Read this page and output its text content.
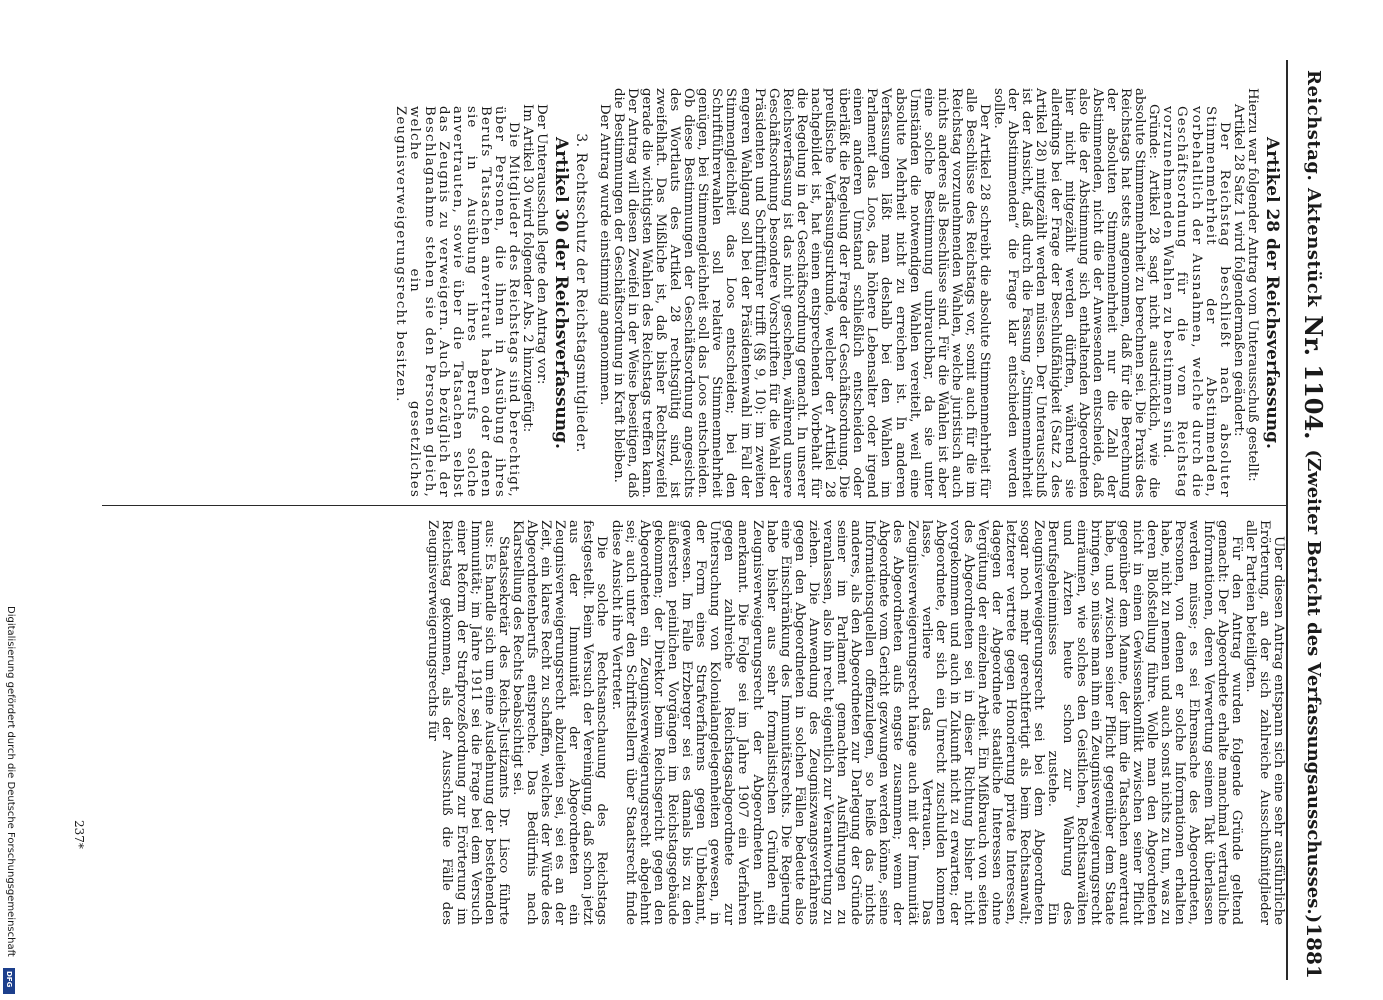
Reichstag. Aktenstück
Nr. 1104.
(Zweiter Bericht des Verfassungsausschusses.)
1881
Artikel 28 der Reichsverfassung.

Hierzu war folgender Antrag vom Unterausschuß gestellt:

Artikel 28 Satz 1 wird folgendermaßen geändert:

Der Reichstag beschließt nach absoluter Stimmenmehrheit der Abstimmenden, vorbehaltlich der Ausnahmen, welche durch die Geschäftsordnung für die vom Reichstag vorzunehmenden Wahlen zu bestimmen sind.

Gründe: Artikel 28 sagt nicht ausdrücklich, wie die absolute Stimmenmehrheit zu berechnen sei. Die Praxis des Reichstags hat stets angenommen, daß für die Berechnung der absoluten Stimmenmehrheit nur die Zahl der Abstimmenden, nicht die der Anwesenden entscheide, daß also die der Abstimmung sich enthaltenden Abgeordneten hier nicht mitgezählt werden dürften, während sie allerdings bei der Frage der Beschlußfähigkeit (Satz 2 des Artikel 28) mitgezählt werden müssen. Der Unterausschuß ist der Ansicht, daß durch die Fassung „Stimmenmehrheit der Abstimmenden“ die Frage klar entschieden werden sollte.

Der Artikel 28 schreibt die absolute Stimmenmehrheit für alle Beschlüsse des Reichstags vor, somit auch für die im Reichstag vorzunehmenden Wahlen, welche juristisch auch nichts anderes als Beschlüsse sind. Für die Wahlen ist aber eine solche Bestimmung unbrauchbar, da sie unter Umständen die notwendigen Wahlen vereitelt, weil eine absolute Mehrheit nicht zu erreichen ist. In anderen Verfassungen läßt man deshalb bei den Wahlen im Parlament das Loos, das höhere Lebensalter oder irgend einen anderen Umstand schließlich entscheiden oder überläßt die Regelung der Frage der Geschäftsordnung. Die preußische Verfassungsurkunde, welcher der Artikel 28 nachgebildet ist, hat einen entsprechenden Vorbehalt für die Regelung in der Geschäftsordnung gemacht. In unserer Reichsverfassung ist das nicht geschehen, während unsere Geschäftsordnung besondere Vorschriften für die Wahl der Präsidenten und Schriftführer trifft (§§ 9, 10): im zweiten engeren Wahlgang soll bei der Präsidentenwahl im Fall der Stimmengleichheit das Loos entscheiden; bei den Schriftführerwahlen soll relative Stimmenmehrheit genügen, bei Stimmengleichheit soll das Loos entscheiden. Ob diese Bestimmungen der Geschäftsordnung angesichts des Wortlauts des Artikel 28 rechtsgültig sind, ist zweifelhaft. Das Mißliche ist, daß bisher Rechtszweifel gerade die wichtigsten Wahlen des Reichstags treffen kann. Der Antrag will diesen Zweifel in der Weise beseitigen, daß die Bestimmungen der Geschäftsordnung in Kraft bleiben.

Der Antrag wurde einstimmig angenommen.

3. Rechtsschutz der Reichstagsmitglieder.
Artikel 30 der Reichsverfassung.

Der Unterausschuß legte den Antrag vor:

Im Artikel 30 wird folgender Abs. 2 hinzugefügt:

Die Mitglieder des Reichstags sind berechtigt, über Personen, die ihnen in Ausübung ihres Berufs Tatsachen anvertraut haben oder denen sie in Ausübung ihres Berufs solche anvertrauten, sowie über die Tatsachen selbst das Zeugnis zu verweigern. Auch bezüglich der Beschlagnahme stehen sie den Personen gleich, welche ein gesetzliches Zeugnisverweigerungsrecht besitzen.

Über diesen Antrag entspann sich eine sehr ausführliche Erörterung, an der sich zahlreiche Ausschußmitglieder aller Parteien beteiligten.

Für den Antrag wurden folgende Gründe geltend gemacht: Der Abgeordnete erhalte manchmal vertrauliche Informationen, deren Verwertung seinem Takt überlassen werden müsse; es sei Ehrensache des Abgeordneten, Personen, von denen er solche Informationen erhalten habe, nicht zu nennen und auch sonst nichts zu tun, was zu deren Bloßstellung führe. Wolle man den Abgeordneten nicht in einen Gewissenskonflikt zwischen seiner Pflicht gegenüber dem Manne, der ihm die Tatsachen anvertraut habe, und zwischen seiner Pflicht gegenüber dem Staate bringen, so müsse man ihm ein Zeugnisverweigerungsrecht einräumen, wie solches den Geistlichen, Rechtsanwälten und Ärzten heute schon zur Wahrung des Berufsgeheimnisses zustehe. Ein Zeugnisverweigerungsrecht sei bei dem Abgeordneten sogar noch mehr gerechtfertigt als beim Rechtsanwalt; letzterer vertrete gegen Honorierung private Interessen, dagegen der Abgeordnete staatliche Interessen ohne Vergütung der einzelnen Arbeit. Ein Mißbrauch von seiten des Abgeordneten sei in dieser Richtung bisher nicht vorgekommen und auch in Zukunft nicht zu erwarten; der Abgeordnete, der sich ein Unrecht zuschulden kommen lasse, verliere das Vertrauen. Das Zeugnisverweigerungsrecht hänge auch mit der Immunität des Abgeordneten aufs engste zusammen; wenn der Abgeordnete vom Gericht gezwungen werden könne, seine Informationsquellen offenzulegen, so heiße das nichts anderes, als den Abgeordneten zur Darlegung der Gründe seiner im Parlament gemachten Ausführungen zu veranlassen, also ihn recht eigentlich zur Verantwortung zu ziehen. Die Anwendung des Zeugniszwangsverfahrens gegen den Abgeordneten in solchen Fällen bedeute also eine Einschränkung des Immunitätsrechts. Die Regierung habe bisher aus sehr formalistischen Gründen ein Zeugnisverweigerungsrecht der Abgeordneten nicht anerkannt. Die Folge sei im Jahre 1907 ein Verfahren gegen zahlreiche Reichstagsabgeordnete zur Untersuchung von Kolonialangelegenheiten gewesen, in der Form eines Strafverfahrens gegen Unbekannt, gewesen. Im Falle Erzberger sei es damals bis zu den äußersten peinlichen Vorgängen im Reichstagsgebäude gekommen; der Direktor beim Reichsgericht gegen den Abgeordneten ein Zeugnisverweigerungsrecht abgelehnt sei; auch unter den Schriftstellern über Staatsrecht finde diese Ansicht ihre Vertreter.

Die solche Rechtsanschauung des Reichstags festgestellt. Beim Versuch der Vereinigung, daß schon jetzt aus der Immunität der Abgeordneten ein Zeugnisverweigerungsrecht abzuleiten sei, sei es an der Zeit, ein klares Recht zu schaffen, welches der Würde des Abgeordnetenberufs entspreche. Das Bedürfnis nach Klarstellung des Rechts beabsichtigt sei.

Staatssekretär des Reichs-Justizamts Dr. Lisco führte aus: Es handle sich um eine Ausdehnung der bestehenden Immunität; im Jahre 1911 sei die Frage bei dem Versuch einer Reform der Strafprozeßordnung zur Erörterung im Reichstag gekommen, als der Ausschuß die Fälle des Zeugnisverweigerungsrechts für

237*
Digitalisierung gefördert durch die Deutsche Forschungsgemeinschaft
DFG
